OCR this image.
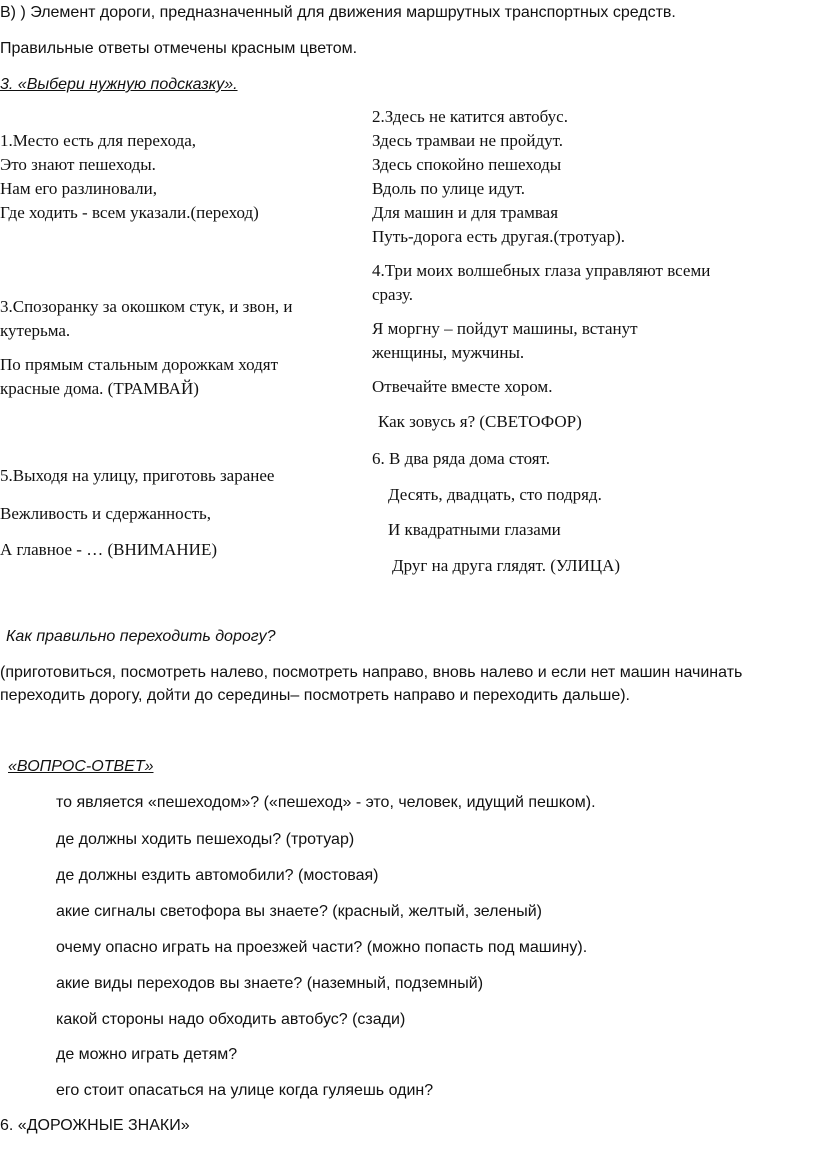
В) ) Элемент дороги, предназначенный для движения маршрутных транспортных средств.
Правильные ответы отмечены красным цветом.
3. «Выбери нужную подсказку».
1.Место есть для перехода,
Это знают пешеходы.
Нам его разлиновали,
Где ходить - всем указали.(переход)
2.Здесь не катится автобус.
Здесь трамваи не пройдут.
Здесь спокойно пешеходы
Вдоль по улице идут.
Для машин и для трамвая
Путь-дорога есть другая.(тротуар).
3.Спозоранку за окошком стук, и звон, и
кутерьма.
По прямым стальным дорожкам ходят
красные дома. (ТРАМВАЙ)
4.Три моих волшебных глаза управляют всеми
сразу.
Я моргну – пойдут машины, встанут
женщины, мужчины.
Отвечайте вместе хором.
Как зовусь я? (СВЕТОФОР)
5.Выходя на улицу, приготовь заранее
Вежливость и сдержанность,
А главное - … (ВНИМАНИЕ)
6. В два ряда дома стоят.
Десять, двадцать, сто подряд.
И квадратными глазами
Друг на друга глядят. (УЛИЦА)
Как правильно переходить дорогу?
(приготовиться, посмотреть налево, посмотреть направо, вновь налево и если нет машин начинать
переходить дорогу, дойти до середины– посмотреть направо и переходить дальше).
«ВОПРОС-ОТВЕТ»
то является «пешеходом»? («пешеход» - это, человек, идущий пешком).
де должны ходить пешеходы? (тротуар)
де должны ездить автомобили? (мостовая)
акие сигналы светофора вы знаете? (красный, желтый, зеленый)
очему опасно играть на проезжей части? (можно попасть под машину).
акие виды переходов вы знаете? (наземный, подземный)
какой стороны надо обходить автобус? (сзади)
де можно играть детям?
его стоит опасаться на улице когда гуляешь один?
6. «ДОРОЖНЫЕ ЗНАКИ»
